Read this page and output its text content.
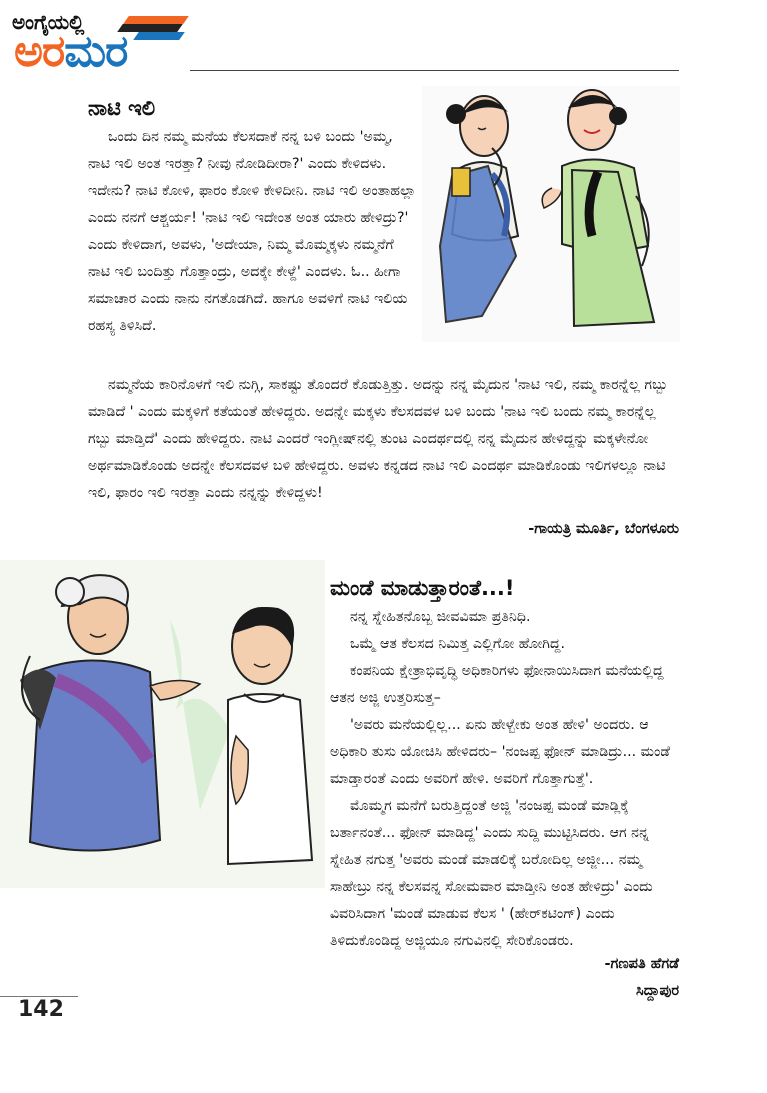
ಅಂಗೈಯಲ್ಲಿ
ಅರಮರ
ನಾಟಿ ಇಲಿ

ಒಂದು ದಿನ ನಮ್ಮ ಮನೆಯ ಕೆಲಸದಾಕೆ ನನ್ನ ಬಳಿ ಬಂದು 'ಅಮ್ಮ, ನಾಟಿ ಇಲಿ ಅಂತ ಇರತ್ತಾ? ನೀವು ನೋಡಿದೀರಾ?' ಎಂದು ಕೇಳಿದಳು. ಇದೇನು? ನಾಟಿ ಕೋಳಿ, ಫಾರಂ ಕೋಳಿ ಕೇಳಿದೀನಿ. ನಾಟಿ ಇಲಿ ಅಂತಾಹಲ್ಲಾ ಎಂದು ನನಗೆ ಆಶ್ಚರ್ಯ! 'ನಾಟಿ ಇಲಿ ಇದೇಂತ ಅಂತ ಯಾರು ಹೇಳಿದ್ರು?' ಎಂದು ಕೇಳಿದಾಗ, ಅವಳು, 'ಅದೇಯಾ, ನಿಮ್ಮ ಮೊಮ್ಮಕ್ಕಳು ನಮ್ಮನೆಗೆ ನಾಟಿ ಇಲಿ ಬಂದಿತ್ತು ಗೊತ್ತಾಂದ್ರು, ಅದಕ್ಕೇ ಕೇಳ್ದೆ' ಎಂದಳು. ಓ.. ಹೀಗಾ ಸಮಾಚಾರ ಎಂದು ನಾನು ನಗತೊಡಗಿದೆ. ಹಾಗೂ ಅವಳಿಗೆ ನಾಟಿ ಇಲಿಯ ರಹಸ್ಯ ತಿಳಿಸಿದೆ.

ನಮ್ಮನೆಯ ಕಾರಿನೊಳಗೆ ಇಲಿ ನುಗ್ಗಿ, ಸಾಕಷ್ಟು ತೊಂದರೆ ಕೊಡುತ್ತಿತ್ತು. ಅದನ್ನು ನನ್ನ ಮೈದುನ 'ನಾಟಿ ಇಲಿ, ನಮ್ಮ ಕಾರನ್ನೆಲ್ಲ ಗಬ್ಬು ಮಾಡಿದೆ ' ಎಂದು ಮಕ್ಕಳಿಗೆ ಕತೆಯಂತೆ ಹೇಳಿದ್ದರು. ಅದನ್ನೇ ಮಕ್ಕಳು ಕೆಲಸದವಳ ಬಳಿ ಬಂದು 'ನಾಟ ಇಲಿ ಬಂದು ನಮ್ಮ ಕಾರನ್ನೆಲ್ಲ ಗಬ್ಬು ಮಾಡ್ತಿದೆ' ಎಂದು ಹೇಳಿದ್ದರು. ನಾಟಿ ಎಂದರೆ ಇಂಗ್ಲೀಷ್‌ನಲ್ಲಿ ತುಂಟ ಎಂದರ್ಥದಲ್ಲಿ ನನ್ನ ಮೈದುನ ಹೇಳಿದ್ದನ್ನು ಮಕ್ಕಳೇನೋ ಅರ್ಥಮಾಡಿಕೊಂಡು ಅದನ್ನೇ ಕೆಲಸದವಳ ಬಳಿ ಹೇಳಿದ್ದರು. ಅವಳು ಕನ್ನಡದ ನಾಟಿ ಇಲಿ ಎಂದರ್ಥ ಮಾಡಿಕೊಂಡು ಇಲಿಗಳಲ್ಲೂ ನಾಟಿ ಇಲಿ, ಫಾರಂ ಇಲಿ ಇರತ್ತಾ ಎಂದು ನನ್ನನ್ನು ಕೇಳಿದ್ದಳು!

-ಗಾಯತ್ರಿ ಮೂರ್ತಿ, ಬೆಂಗಳೂರು
ಮಂಡೆ ಮಾಡುತ್ತಾರಂತೆ...!

ನನ್ನ ಸ್ನೇಹಿತನೊಬ್ಬ ಜೀವವಿಮಾ ಪ್ರತಿನಿಧಿ.

ಒಮ್ಮೆ ಆತ ಕೆಲಸದ ನಿಮಿತ್ತ ಎಲ್ಲಿಗೋ ಹೋಗಿದ್ದ.

ಕಂಪನಿಯ ಕ್ಷೇತ್ರಾಭಿವೃದ್ಧಿ ಅಧಿಕಾರಿಗಳು ಫೋನಾಯಿಸಿದಾಗ ಮನೆಯಲ್ಲಿದ್ದ ಆತನ ಅಜ್ಜಿ ಉತ್ತರಿಸುತ್ತ–

'ಅವರು ಮನೆಯಲ್ಲಿಲ್ಲ... ಏನು ಹೇಳ್ಬೇಕು ಅಂತ ಹೇಳಿ' ಅಂದರು. ಆ ಅಧಿಕಾರಿ ತುಸು ಯೋಚಿಸಿ ಹೇಳಿದರು– 'ನಂಜಪ್ಪ ಫೋನ್ ಮಾಡಿದ್ರು... ಮಂಡೆ ಮಾಡ್ತಾರಂತೆ ಎಂದು ಅವರಿಗೆ ಹೇಳಿ. ಅವರಿಗೆ ಗೊತ್ತಾಗುತ್ತೆ'.

ಮೊಮ್ಮಗ ಮನೆಗೆ ಬರುತ್ತಿದ್ದಂತೆ ಅಜ್ಜಿ 'ನಂಜಪ್ಪ ಮಂಡೆ ಮಾಡ್ಲಿಕ್ಕೆ ಬರ್ತಾನಂತೆ... ಫೋನ್ ಮಾಡಿದ್ದ' ಎಂದು ಸುದ್ದಿ ಮುಟ್ಟಿಸಿದರು. ಆಗ ನನ್ನ ಸ್ನೇಹಿತ ನಗುತ್ತ 'ಅವರು ಮಂಡೆ ಮಾಡಲಿಕ್ಕೆ ಬರೋದಿಲ್ಲ ಅಜ್ಜೀ... ನಮ್ಮ ಸಾಹೇಬ್ರು ನನ್ನ ಕೆಲಸವನ್ನ ಸೋಮವಾರ ಮಾಡ್ತೀನಿ ಅಂತ ಹೇಳಿದ್ರು' ಎಂದು ವಿವರಿಸಿದಾಗ 'ಮಂಡೆ ಮಾಡುವ ಕೆಲಸ ' (ಹೇರ್‌ಕಟಿಂಗ್) ಎಂದು ತಿಳಿದುಕೊಂಡಿದ್ದ ಅಜ್ಜಿಯೂ ನಗುವಿನಲ್ಲಿ ಸೇರಿಕೊಂಡರು.

-ಗಣಪತಿ ಹೆಗಡೆ
ಸಿದ್ದಾಪುರ
142
